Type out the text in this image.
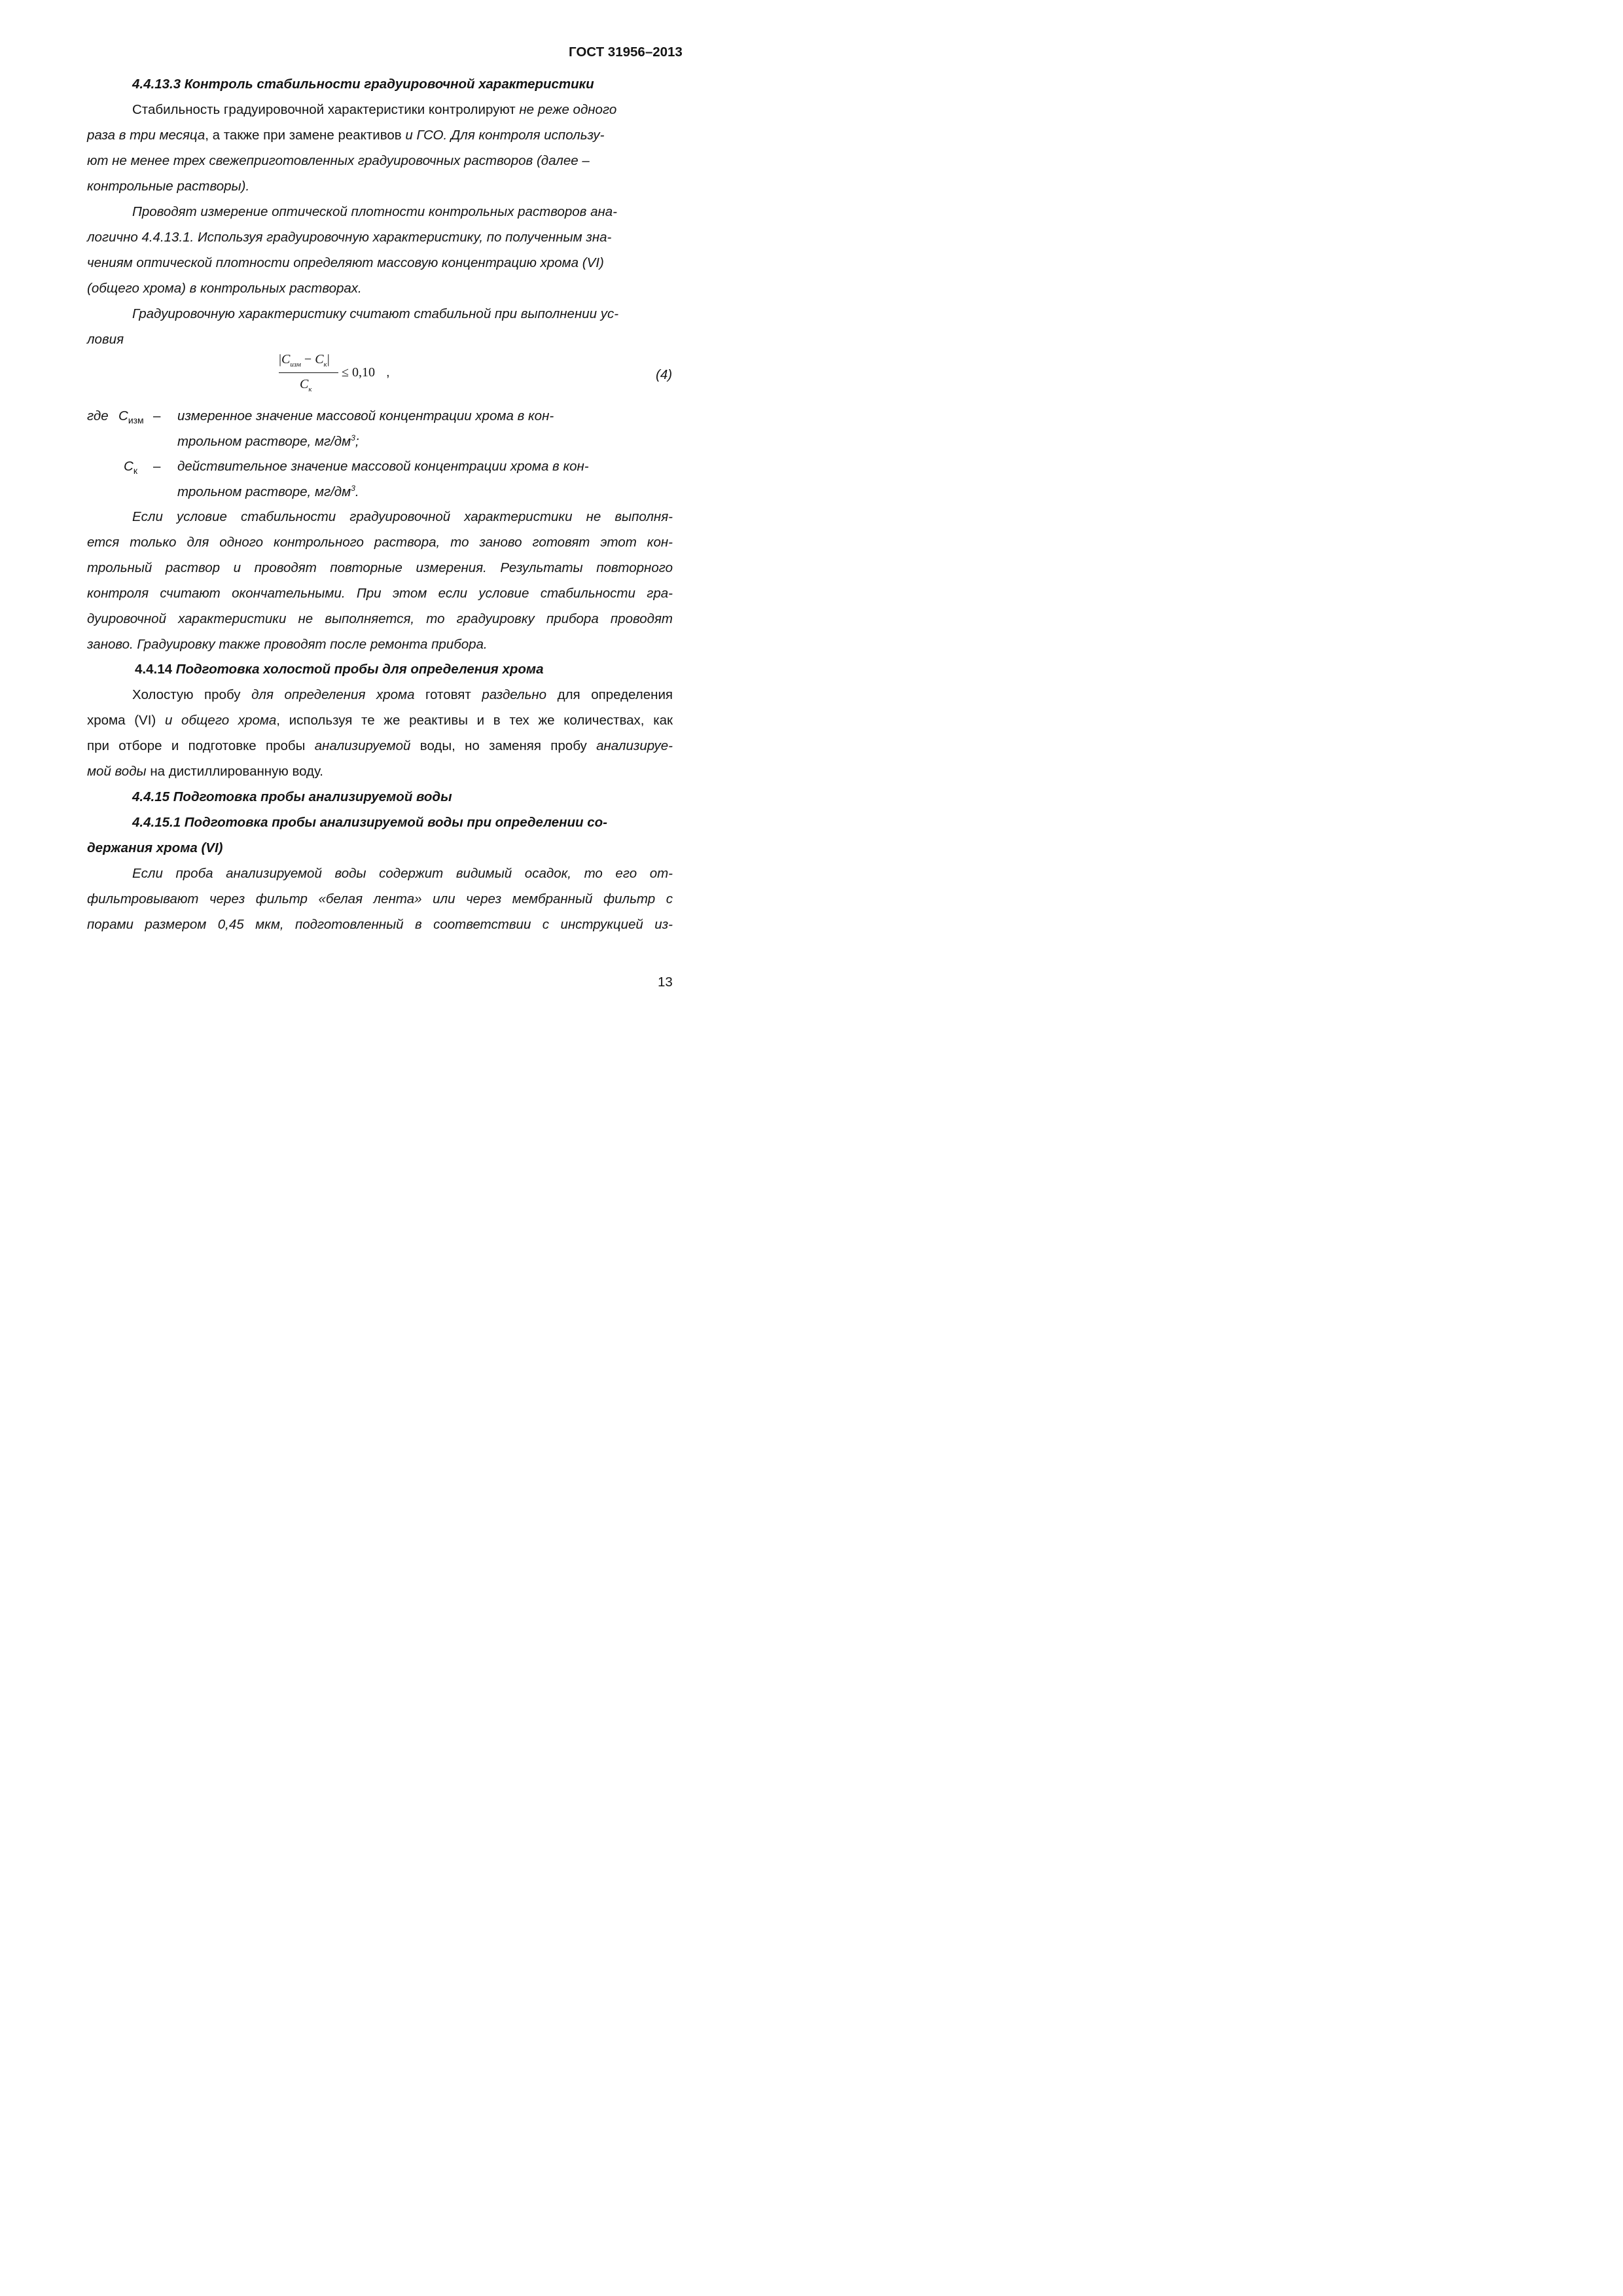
ГОСТ 31956–2013
4.4.13.3 Контроль стабильности градуировочной характеристики
Стабильность градуировочной характеристики контролируют не реже одного
раза в три месяца, а также при замене реактивов и ГСО. Для контроля использу-
ют не менее трех свежеприготовленных градуировочных растворов (далее –
контрольные растворы).
Проводят измерение оптической плотности контрольных растворов ана-
логично 4.4.13.1. Используя градуировочную характеристику, по полученным зна-
чениям оптической плотности определяют массовую концентрацию хрома (VI)
(общего хрома) в контрольных растворах.
Градуировочную характеристику считают стабильной при выполнении ус-
ловия
$|C_{изм} - C_к|$
$C_к$
≤ 0,10 ,	(4)
где $C_{изм}$ – измеренное значение массовой концентрации хрома в кон-
трольном растворе, $мг/дм^3$;
$C_к$ – действительное значение массовой концентрации хрома в кон-
трольном растворе, $мг/дм^3$.
Если условие стабильности градуировочной характеристики не выполня-
ется только для одного контрольного раствора, то заново готовят этот кон-
трольный раствор и проводят повторные измерения. Результаты повторного
контроля считают окончательными. При этом если условие стабильности гра-
дуировочной характеристики не выполняется, то градуировку прибора проводят
заново. Градуировку также проводят после ремонта прибора.
4.4.14 Подготовка холостой пробы для определения хрома
Холостую пробу для определения хрома готовят раздельно для определения
хрома (VI) и общего хрома, используя те же реактивы и в тех же количествах, как
при отборе и подготовке пробы анализируемой воды, но заменяя пробу анализируе-
мой воды на дистиллированную воду.
4.4.15 Подготовка пробы анализируемой воды
4.4.15.1 Подготовка пробы анализируемой воды при определении со-
держания хрома (VI)
Если проба анализируемой воды содержит видимый осадок, то его от-
фильтровывают через фильтр «белая лента» или через мембранный фильтр с
порами размером 0,45 мкм, подготовленный в соответствии с инструкцией из-
13
